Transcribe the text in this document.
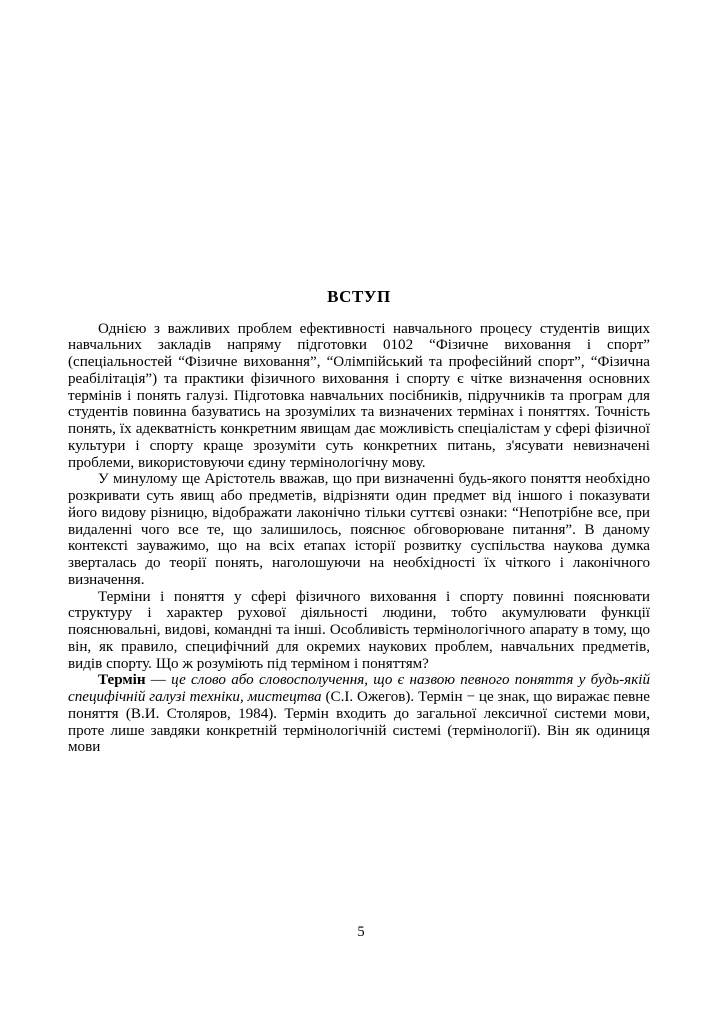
ВСТУП

Однією з важливих проблем ефективності навчального процесу студентів вищих навчальних закладів напряму підготовки 0102 “Фізичне виховання і спорт” (спеціальностей “Фізичне виховання”, “Олімпійський та професійний спорт”, “Фізична реабілітація”) та практики фізичного виховання і спорту є чітке визначення основних термінів і понять галузі. Підготовка навчальних посібників, підручників та програм для студентів повинна базуватись на зрозумілих та визначених термінах і поняттях. Точність понять, їх адекватність конкретним явищам дає можливість спеціалістам у сфері фізичної культури і спорту краще зрозуміти суть конкретних питань, з'ясувати невизначені проблеми, використовуючи єдину термінологічну мову.

У минулому ще Арістотель вважав, що при визначенні будь-якого поняття необхідно розкривати суть явищ або предметів, відрізняти один предмет від іншого і показувати його видову різницю, відображати лаконічно тільки суттєві ознаки: “Непотрібне все, при видаленні чого все те, що залишилось, пояснює обговорюване питання”. В даному контексті зауважимо, що на всіх етапах історії розвитку суспільства наукова думка зверталась до теорії понять, наголошуючи на необхідності їх чіткого і лаконічного визначення.

Терміни і поняття у сфері фізичного виховання і спорту повинні пояснювати структуру і характер рухової діяльності людини, тобто акумулювати функції пояснювальні, видові, командні та інші. Особливість термінологічного апарату в тому, що він, як правило, специфічний для окремих наукових проблем, навчальних предметів, видів спорту. Що ж розуміють під терміном і поняттям?

Термін — це слово або словосполучення, що є назвою певного поняття у будь-якій специфічній галузі техніки, мистецтва (С.І. Ожегов). Термін − це знак, що виражає певне поняття (В.И. Столяров, 1984). Термін входить до загальної лексичної системи мови, проте лише завдяки конкретній термінологічній системі (термінології). Він як одиниця мови

5
